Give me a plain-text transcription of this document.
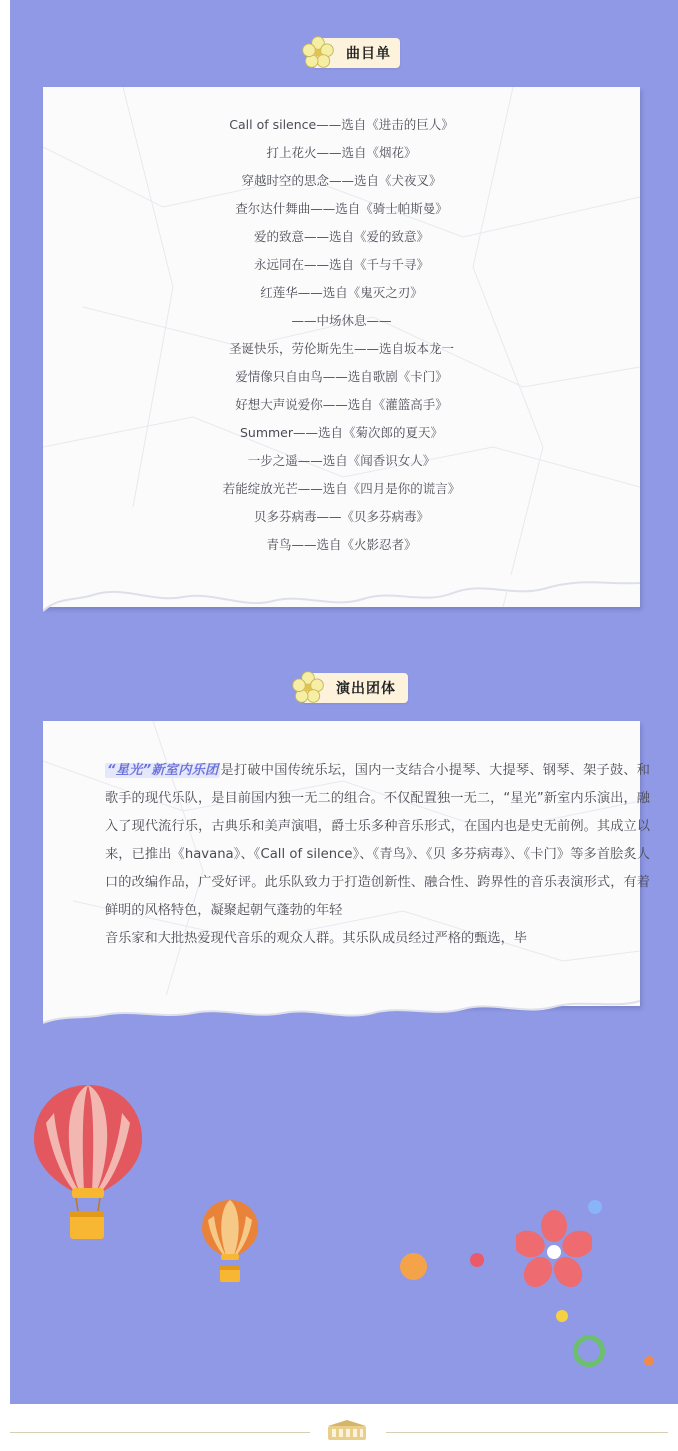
曲目单
Call of silence——选自《进击的巨人》
打上花火——选自《烟花》
穿越时空的思念——选自《犬夜叉》
查尔达什舞曲——选自《骑士帕斯曼》
爱的致意——选自《爱的致意》
永远同在——选自《千与千寻》
红莲华——选自《鬼灭之刃》
——中场休息——
圣诞快乐，劳伦斯先生——选自坂本龙一
爱情像只自由鸟——选自歌剧《卡门》
好想大声说爱你——选自《灌篮高手》
Summer——选自《菊次郎的夏天》
一步之遥——选自《闻香识女人》
若能绽放光芒——选自《四月是你的谎言》
贝多芬病毒——《贝多芬病毒》
青鸟——选自《火影忍者》
演出团体

“星光”新室内乐团 是打破中国传统乐坛，国内一支结合小提琴、大提琴、钢琴、架子鼓、和歌手的现代乐队，是目前国内独一无二的组合。不仅配置独一无二，“星光”新室内乐演出，融入了现代流行乐，古典乐和美声演唱，爵士乐多种音乐形式，在国内也是史无前例。其成立以来，已推出《havana》、《Call of silence》、《青鸟》、《贝 多芬病毒》、《卡门》等多首脍炙人口的改编作品，广受好评。此乐队致力于打造创新性、融合性、跨界性的音乐表演形式，有着鲜明的风格特色，凝聚起朝气蓬勃的年轻

音乐家和大批热爱现代音乐的观众人群。其乐队成员经过严格的甄选，毕
